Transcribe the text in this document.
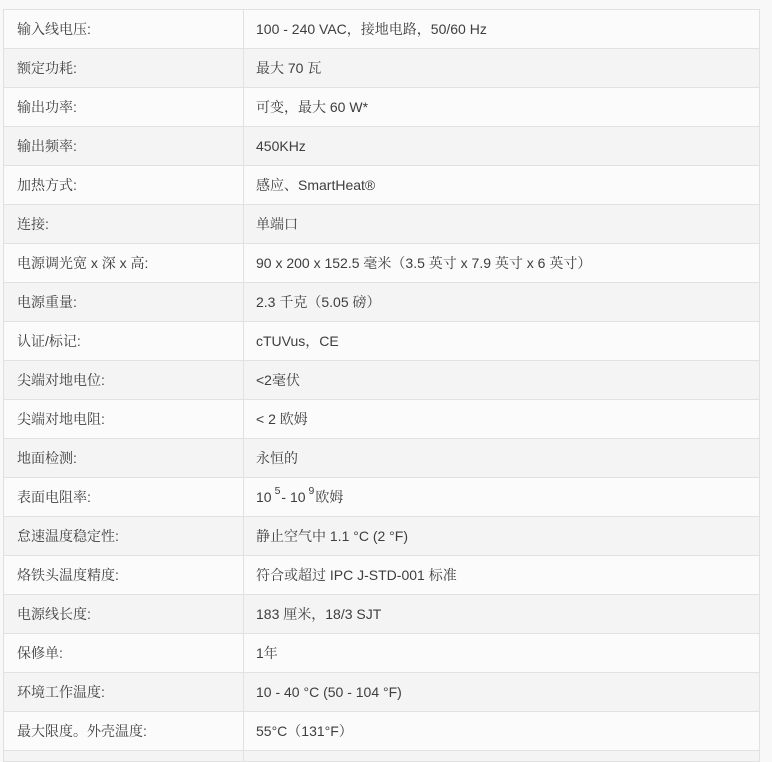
输入线电压:	100 - 240 VAC，接地电路，50/60 Hz
额定功耗:	最大 70 瓦
输出功率:	可变，最大 60 W*
输出频率:	450KHz
加热方式:	感应、SmartHeat®
连接:	单端口
电源调光宽 x 深 x 高:	90 x 200 x 152.5 毫米（3.5 英寸 x 7.9 英寸 x 6 英寸）
电源重量:	2.3 千克（5.05 磅）
认证/标记:	cTUVus，CE
尖端对地电位:	<2毫伏
尖端对地电阻:	< 2 欧姆
地面检测:	永恒的
表面电阻率:	10 5 - 10 9 欧姆
怠速温度稳定性:	静止空气中 1.1 °C (2 °F)
烙铁头温度精度:	符合或超过 IPC J-STD-001 标准
电源线长度:	183 厘米，18/3 SJT
保修单:	1年
环境工作温度:	10 - 40 °C (50 - 104 °F)
最大限度。外壳温度:	55°C（131°F）
